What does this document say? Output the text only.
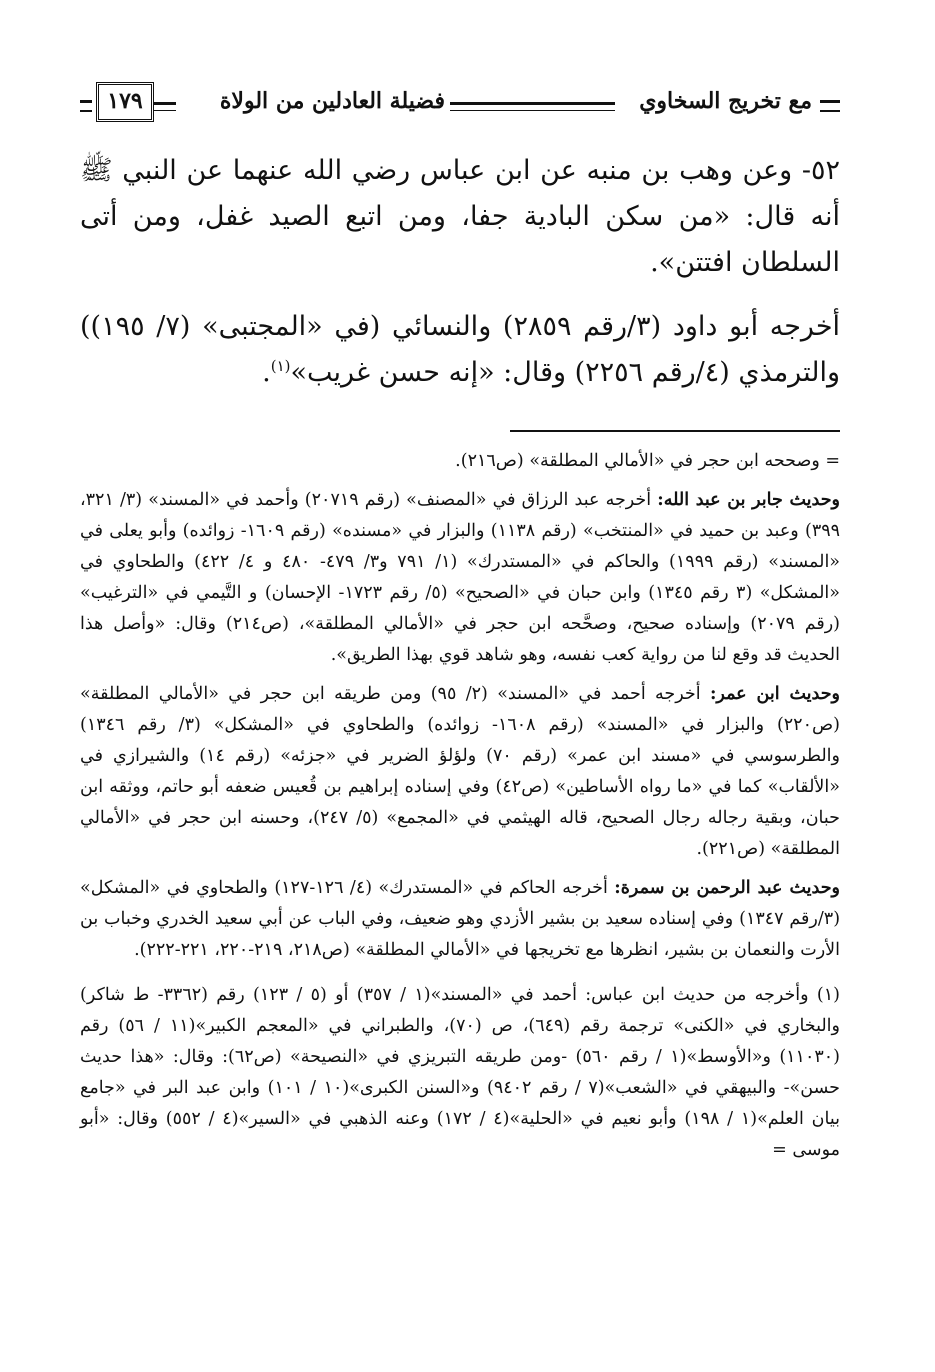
مع تخريج السخاوي
فضيلة العادلين من الولاة
١٧٩

٥٢- وعن وهب بن منبه عن ابن عباس رضي الله عنهما عن النبي ﷺ أنه قال: «من سكن البادية جفا، ومن اتبع الصيد غفل، ومن أتى السلطان افتتن».

أخرجه أبو داود (٣/رقم ٢٨٥٩) والنسائي (في «المجتبى» (٧/ ١٩٥)) والترمذي (٤/رقم ٢٢٥٦) وقال: «إنه حسن غريب»$^{(١)}$.

= وصححه ابن حجر في «الأمالي المطلقة» (ص٢١٦).

وحديث جابر بن عبد الله: أخرجه عبد الرزاق في «المصنف» (رقم ٢٠٧١٩) وأحمد في «المسند» (٣/ ٣٢١، ٣٩٩) وعبد بن حميد في «المنتخب» (رقم ١١٣٨) والبزار في «مسنده» (رقم ١٦٠٩- زوائده) وأبو يعلى في «المسند» (رقم ١٩٩٩) والحاكم في «المستدرك» (١/ ٧٩١ و٣/ ٤٧٩- ٤٨٠ و ٤/ ٤٢٢) والطحاوي في «المشكل» (٣ رقم ١٣٤٥) وابن حبان في «الصحيح» (٥/ رقم ١٧٢٣- الإحسان) و التَّيمي في «الترغيب» (رقم ٢٠٧٩) وإسناده صحيح، وصحَّحه ابن حجر في «الأمالي المطلقة»، (ص٢١٤) وقال: «وأصل هذا الحديث قد وقع لنا من رواية كعب نفسه، وهو شاهد قوي بهذا الطريق».

وحديث ابن عمر: أخرجه أحمد في «المسند» (٢/ ٩٥) ومن طريقه ابن حجر في «الأمالي المطلقة» (ص٢٢٠) والبزار في «المسند» (رقم ١٦٠٨- زوائده) والطحاوي في «المشكل» (٣/ رقم ١٣٤٦) والطرسوسي في «مسند ابن عمر» (رقم ٧٠) ولؤلؤ الضرير في «جزئه» (رقم ١٤) والشيرازي في «الألقاب» كما في «ما رواه الأساطين» (ص٤٢) وفي إسناده إبراهيم بن قُعيس ضعفه أبو حاتم، ووثقه ابن حبان، وبقية رجاله رجال الصحيح، قاله الهيثمي في «المجمع» (٥/ ٢٤٧)، وحسنه ابن حجر في «الأمالي المطلقة» (ص٢٢١).

وحديث عبد الرحمن بن سمرة: أخرجه الحاكم في «المستدرك» (٤/ ١٢٦-١٢٧) والطحاوي في «المشكل» (٣/رقم ١٣٤٧) وفي إسناده سعيد بن بشير الأزدي وهو ضعيف، وفي الباب عن أبي سعيد الخدري وخباب بن الأرت والنعمان بن بشير، انظرها مع تخريجها في «الأمالي المطلقة» (ص٢١٨، ٢١٩-٢٢٠، ٢٢١-٢٢٢).

(١) وأخرجه من حديث ابن عباس: أحمد في «المسند»(١ / ٣٥٧) أو (٥ / ١٢٣) رقم (٣٣٦٢- ط شاكر) والبخاري في «الكنى» ترجمة رقم (٦٤٩)، ص (٧٠)، والطبراني في «المعجم الكبير»(١١ / ٥٦) رقم (١١٠٣٠) و«الأوسط»(١ / رقم ٥٦٠) -ومن طريقه التبريزي في «النصيحة» (ص٦٢): وقال: «هذا حديث حسن»- والبيهقي في «الشعب»(٧ / رقم ٩٤٠٢) و«السنن الكبرى»(١٠ / ١٠١) وابن عبد البر في «جامع بيان العلم»(١ / ١٩٨) وأبو نعيم في «الحلية»(٤ / ١٧٢) وعنه الذهبي في «السير»(٤ / ٥٥٢) وقال: «أبو موسى =
